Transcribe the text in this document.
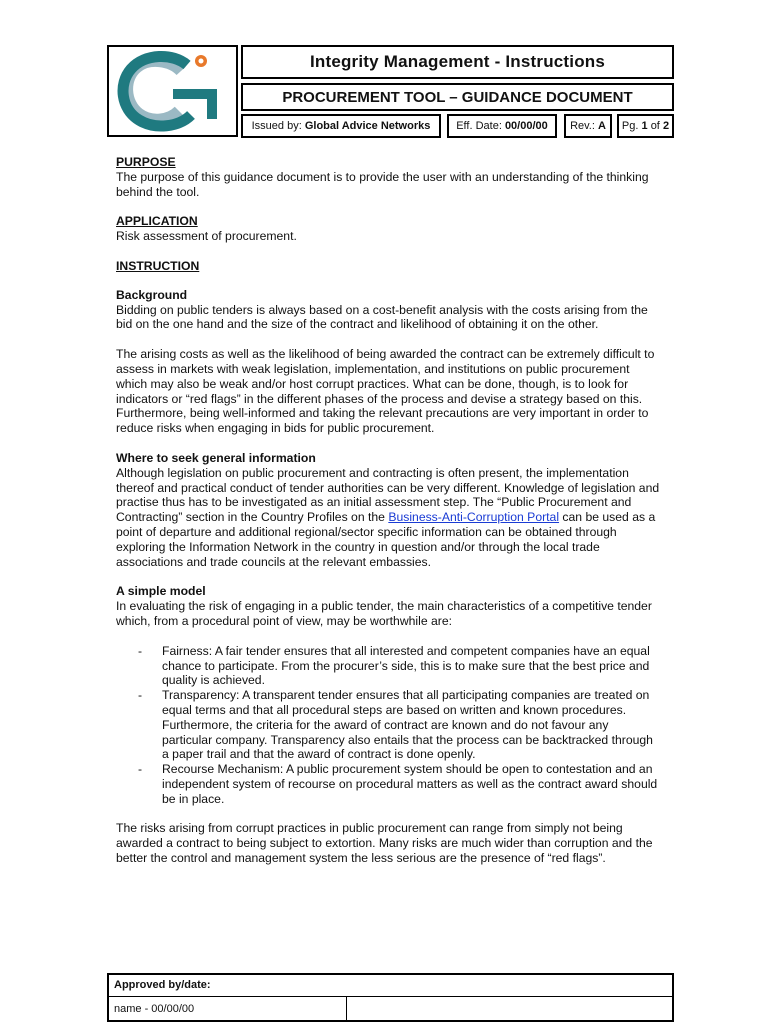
Integrity Management - Instructions
PROCUREMENT TOOL – GUIDANCE DOCUMENT
Issued by:
Global Advice Networks Eff. Date:
00/00/00 Rev.:
A Pg.
1
of
2

PURPOSE

The purpose of this guidance document is to provide the user with an understanding of the thinking behind the tool.

APPLICATION

Risk assessment of procurement.

INSTRUCTION

Background

Bidding on public tenders is always based on a cost-benefit analysis with the costs arising from the bid on the one hand and the size of the contract and likelihood of obtaining it on the other.

The arising costs as well as the likelihood of being awarded the contract can be extremely difficult to assess in markets with weak legislation, implementation, and institutions on public procurement which may also be weak and/or host corrupt practices. What can be done, though, is to look for indicators or “red flags” in the different phases of the process and devise a strategy based on this. Furthermore, being well-informed and taking the relevant precautions are very important in order to reduce risks when engaging in bids for public procurement.

Where to seek general information

Although legislation on public procurement and contracting is often present, the implementation thereof and practical conduct of tender authorities can be very different. Knowledge of legislation and practise thus has to be investigated as an initial assessment step. The “Public Procurement and Contracting” section in the Country Profiles on the Business-Anti-Corruption Portal can be used as a point of departure and additional regional/sector specific information can be obtained through exploring the Information Network in the country in question and/or through the local trade associations and trade councils at the relevant embassies.

A simple model

In evaluating the risk of engaging in a public tender, the main characteristics of a competitive tender which, from a procedural point of view, may be worthwhile are:

- Fairness: A fair tender ensures that all interested and competent companies have an equal chance to participate. From the procurer’s side, this is to make sure that the best price and quality is achieved.
- Transparency: A transparent tender ensures that all participating companies are treated on equal terms and that all procedural steps are based on written and known procedures. Furthermore, the criteria for the award of contract are known and do not favour any particular company. Transparency also entails that the process can be backtracked through a paper trail and that the award of contract is done openly.
- Recourse Mechanism: A public procurement system should be open to contestation and an independent system of recourse on procedural matters as well as the contract award should be in place.

The risks arising from corrupt practices in public procurement can range from simply not being awarded a contract to being subject to extortion. Many risks are much wider than corruption and the better the control and management system the less serious are the presence of “red flags”.

Approved by/date:
name - 00/00/00
